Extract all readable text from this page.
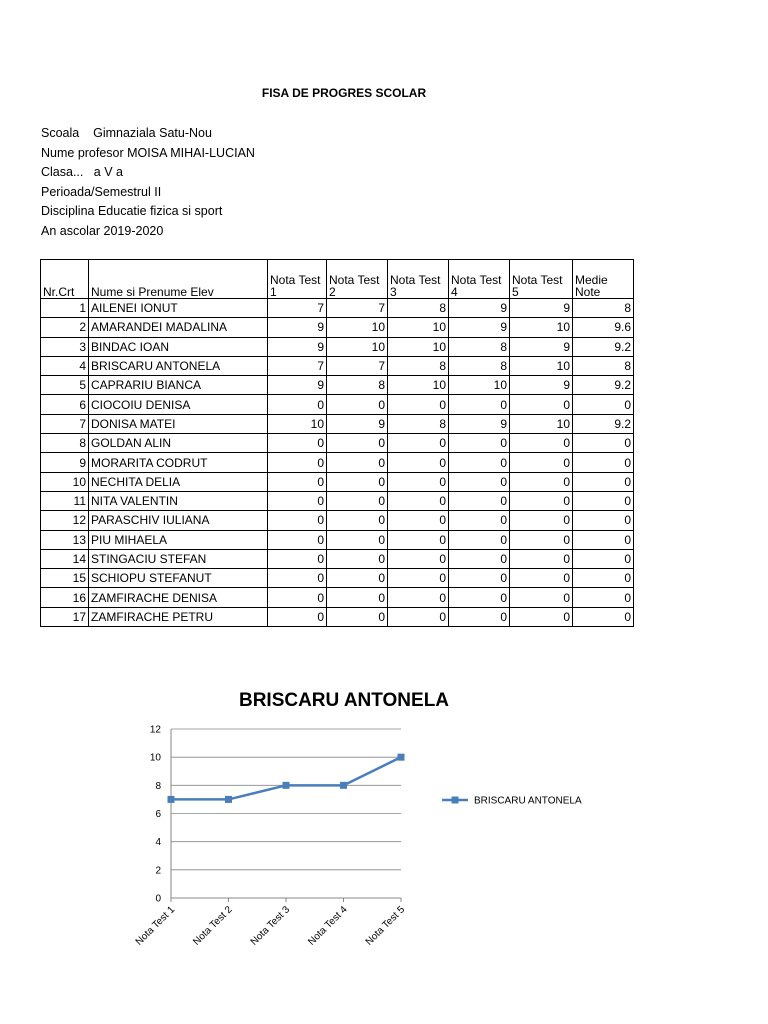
FISA DE PROGRES SCOLAR
Scoala    Gimnaziala Satu-Nou
Nume profesor MOISA MIHAI-LUCIAN
Clasa...   a V a
Perioada/Semestrul II
Disciplina Educatie fizica si sport
An ascolar 2019-2020
Nr.Crt	Nume si Prenume Elev	Nota Test 1	Nota Test 2	Nota Test 3	Nota Test 4	Nota Test 5	Medie Note
1	AILENEI IONUT	7	7	8	9	9	8
2	AMARANDEI MADALINA	9	10	10	9	10	9.6
3	BINDAC IOAN	9	10	10	8	9	9.2
4	BRISCARU ANTONELA	7	7	8	8	10	8
5	CAPRARIU BIANCA	9	8	10	10	9	9.2
6	CIOCOIU DENISA	0	0	0	0	0	0
7	DONISA MATEI	10	9	8	9	10	9.2
8	GOLDAN ALIN	0	0	0	0	0	0
9	MORARITA CODRUT	0	0	0	0	0	0
10	NECHITA DELIA	0	0	0	0	0	0
11	NITA VALENTIN	0	0	0	0	0	0
12	PARASCHIV IULIANA	0	0	0	0	0	0
13	PIU MIHAELA	0	0	0	0	0	0
14	STINGACIU STEFAN	0	0	0	0	0	0
15	SCHIOPU STEFANUT	0	0	0	0	0	0
16	ZAMFIRACHE DENISA	0	0	0	0	0	0
17	ZAMFIRACHE PETRU	0	0	0	0	0	0
BRISCARU ANTONELA
0
2
4
6
8
10
12
Nota Test 1 Nota Test 2 Nota Test 3 Nota Test 4 Nota Test 5
BRISCARU ANTONELA
